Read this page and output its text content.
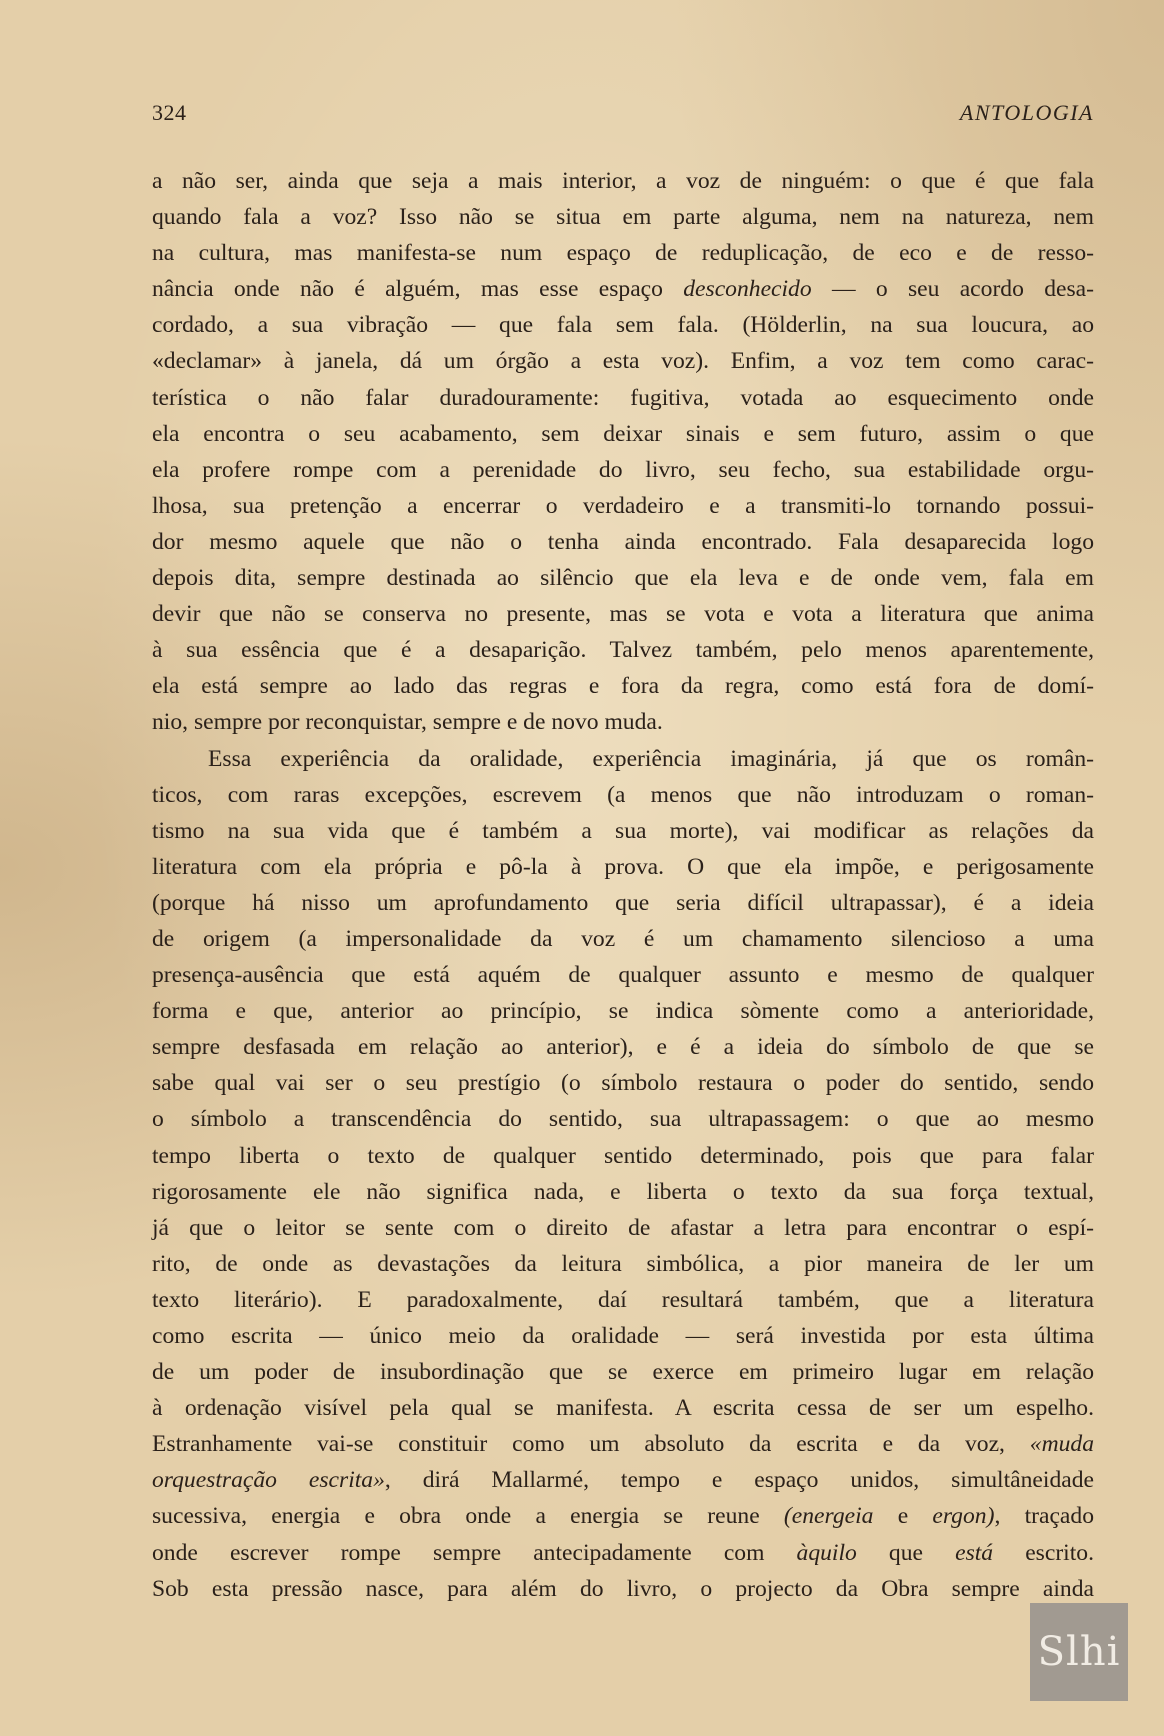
324	ANTOLOGIA
a não ser, ainda que seja a mais interior, a voz de ninguém: o que é que fala
quando fala a voz? Isso não se situa em parte alguma, nem na natureza, nem
na cultura, mas manifesta-se num espaço de reduplicação, de eco e de resso-
nância onde não é alguém, mas esse espaço desconhecido — o seu acordo desa-
cordado, a sua vibração — que fala sem fala. (Hölderlin, na sua loucura, ao
«declamar» à janela, dá um órgão a esta voz). Enfim, a voz tem como carac-
terística o não falar duradouramente: fugitiva, votada ao esquecimento onde
ela encontra o seu acabamento, sem deixar sinais e sem futuro, assim o que
ela profere rompe com a perenidade do livro, seu fecho, sua estabilidade orgu-
lhosa, sua pretenção a encerrar o verdadeiro e a transmiti-lo tornando possui-
dor mesmo aquele que não o tenha ainda encontrado. Fala desaparecida logo
depois dita, sempre destinada ao silêncio que ela leva e de onde vem, fala em
devir que não se conserva no presente, mas se vota e vota a literatura que anima
à sua essência que é a desaparição. Talvez também, pelo menos aparentemente,
ela está sempre ao lado das regras e fora da regra, como está fora de domí-
nio, sempre por reconquistar, sempre e de novo muda.
Essa experiência da oralidade, experiência imaginária, já que os român-
ticos, com raras excepções, escrevem (a menos que não introduzam o roman-
tismo na sua vida que é também a sua morte), vai modificar as relações da
literatura com ela própria e pô-la à prova. O que ela impõe, e perigosamente
(porque há nisso um aprofundamento que seria difícil ultrapassar), é a ideia
de origem (a impersonalidade da voz é um chamamento silencioso a uma
presença-ausência que está aquém de qualquer assunto e mesmo de qualquer
forma e que, anterior ao princípio, se indica sòmente como a anterioridade,
sempre desfasada em relação ao anterior), e é a ideia do símbolo de que se
sabe qual vai ser o seu prestígio (o símbolo restaura o poder do sentido, sendo
o símbolo a transcendência do sentido, sua ultrapassagem: o que ao mesmo
tempo liberta o texto de qualquer sentido determinado, pois que para falar
rigorosamente ele não significa nada, e liberta o texto da sua força textual,
já que o leitor se sente com o direito de afastar a letra para encontrar o espí-
rito, de onde as devastações da leitura simbólica, a pior maneira de ler um
texto literário). E paradoxalmente, daí resultará também, que a literatura
como escrita — único meio da oralidade — será investida por esta última
de um poder de insubordinação que se exerce em primeiro lugar em relação
à ordenação visível pela qual se manifesta. A escrita cessa de ser um espelho.
Estranhamente vai-se constituir como um absoluto da escrita e da voz, «muda
orquestração escrita», dirá Mallarmé, tempo e espaço unidos, simultâneidade
sucessiva, energia e obra onde a energia se reune (energeia e ergon), traçado
onde escrever rompe sempre antecipadamente com àquilo que está escrito.
Sob esta pressão nasce, para além do livro, o projecto da Obra sempre ainda
Slhi
